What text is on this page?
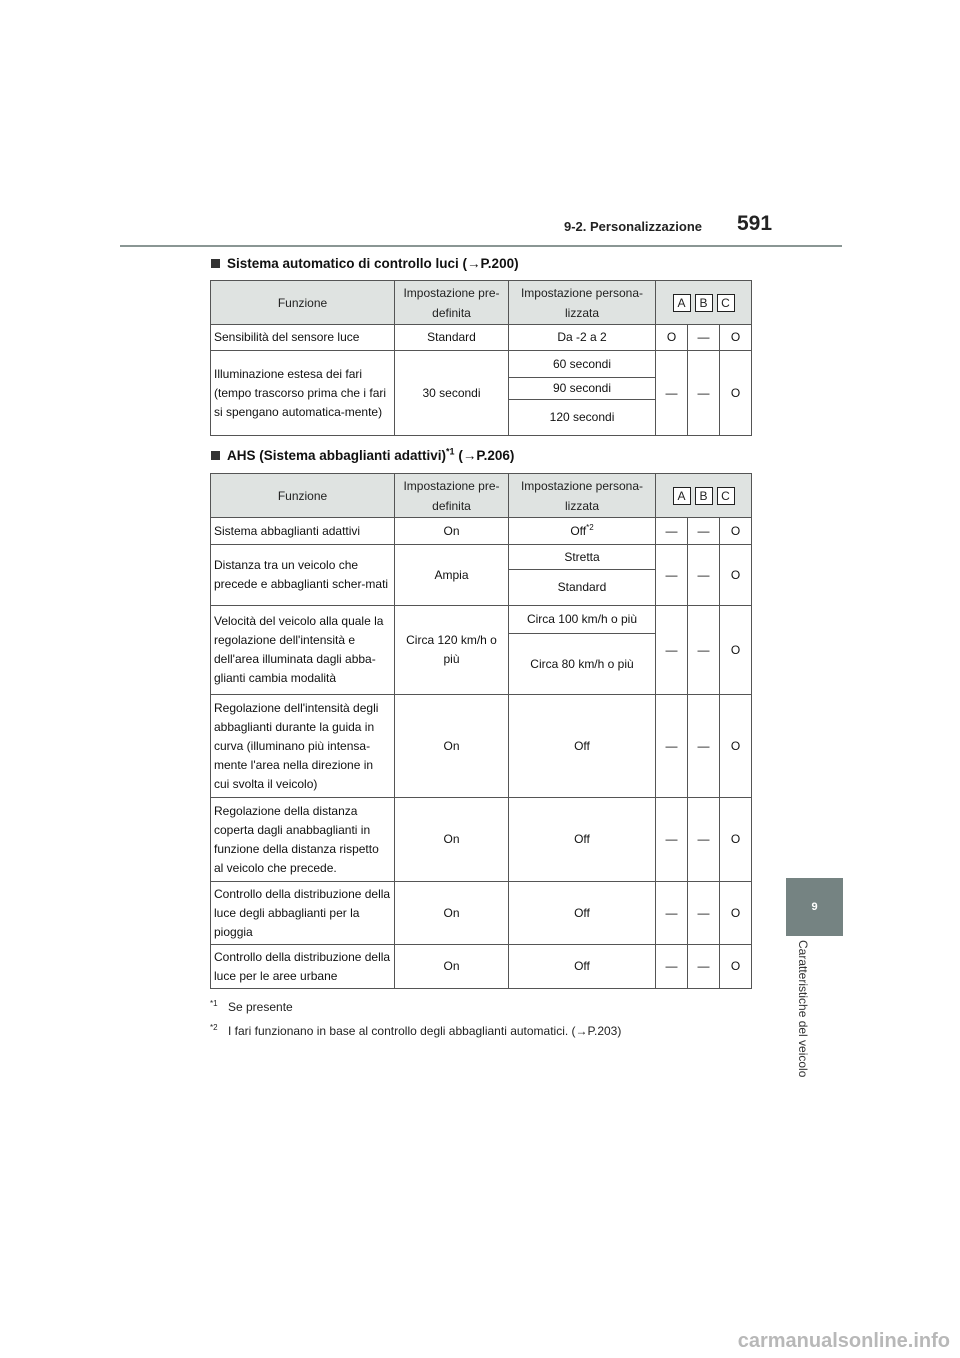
9-2. Personalizzazione 591
9
Caratteristiche del veicolo
Sistema automatico di controllo luci (→P.200)
Funzione	Impostazione pre-definita	Impostazione persona-lizzata	A B C		
Sensibilità del sensore luce	Standard	Da -2 a 2	O	—	O
Illuminazione estesa dei fari (tempo trascorso prima che i fari si spengano automatica-mente)	30 secondi	60 secondi	—	—	O
		90 secondi			
		120 secondi			
AHS (Sistema abbaglianti adattivi)$^{*1}$ (→P.206)
Funzione	Impostazione pre-definita	Impostazione persona-lizzata	A B C		
Sistema abbaglianti adattivi	On	Off$^{*2}$	—	—	O
Distanza tra un veicolo che precede e abbaglianti scher-mati	Ampia	Stretta	—	—	O
		Standard			
Velocità del veicolo alla quale la regolazione dell'intensità e dell'area illuminata dagli abba-glianti cambia modalità	Circa 120 km/h o più	Circa 100 km/h o più	—	—	O
		Circa 80 km/h o più			
Regolazione dell'intensità degli abbaglianti durante la guida in curva (illuminano più intensa-mente l'area nella direzione in cui svolta il veicolo)	On	Off	—	—	O
Regolazione della distanza coperta dagli anabbaglianti in funzione della distanza rispetto al veicolo che precede.	On	Off	—	—	O
Controllo della distribuzione della luce degli abbaglianti per la pioggia	On	Off	—	—	O
Controllo della distribuzione della luce per le aree urbane	On	Off	—	—	O
$^{*1}$ Se presente
$^{*2}$ I fari funzionano in base al controllo degli abbaglianti automatici. (→P.203)
carmanualsonline.info
